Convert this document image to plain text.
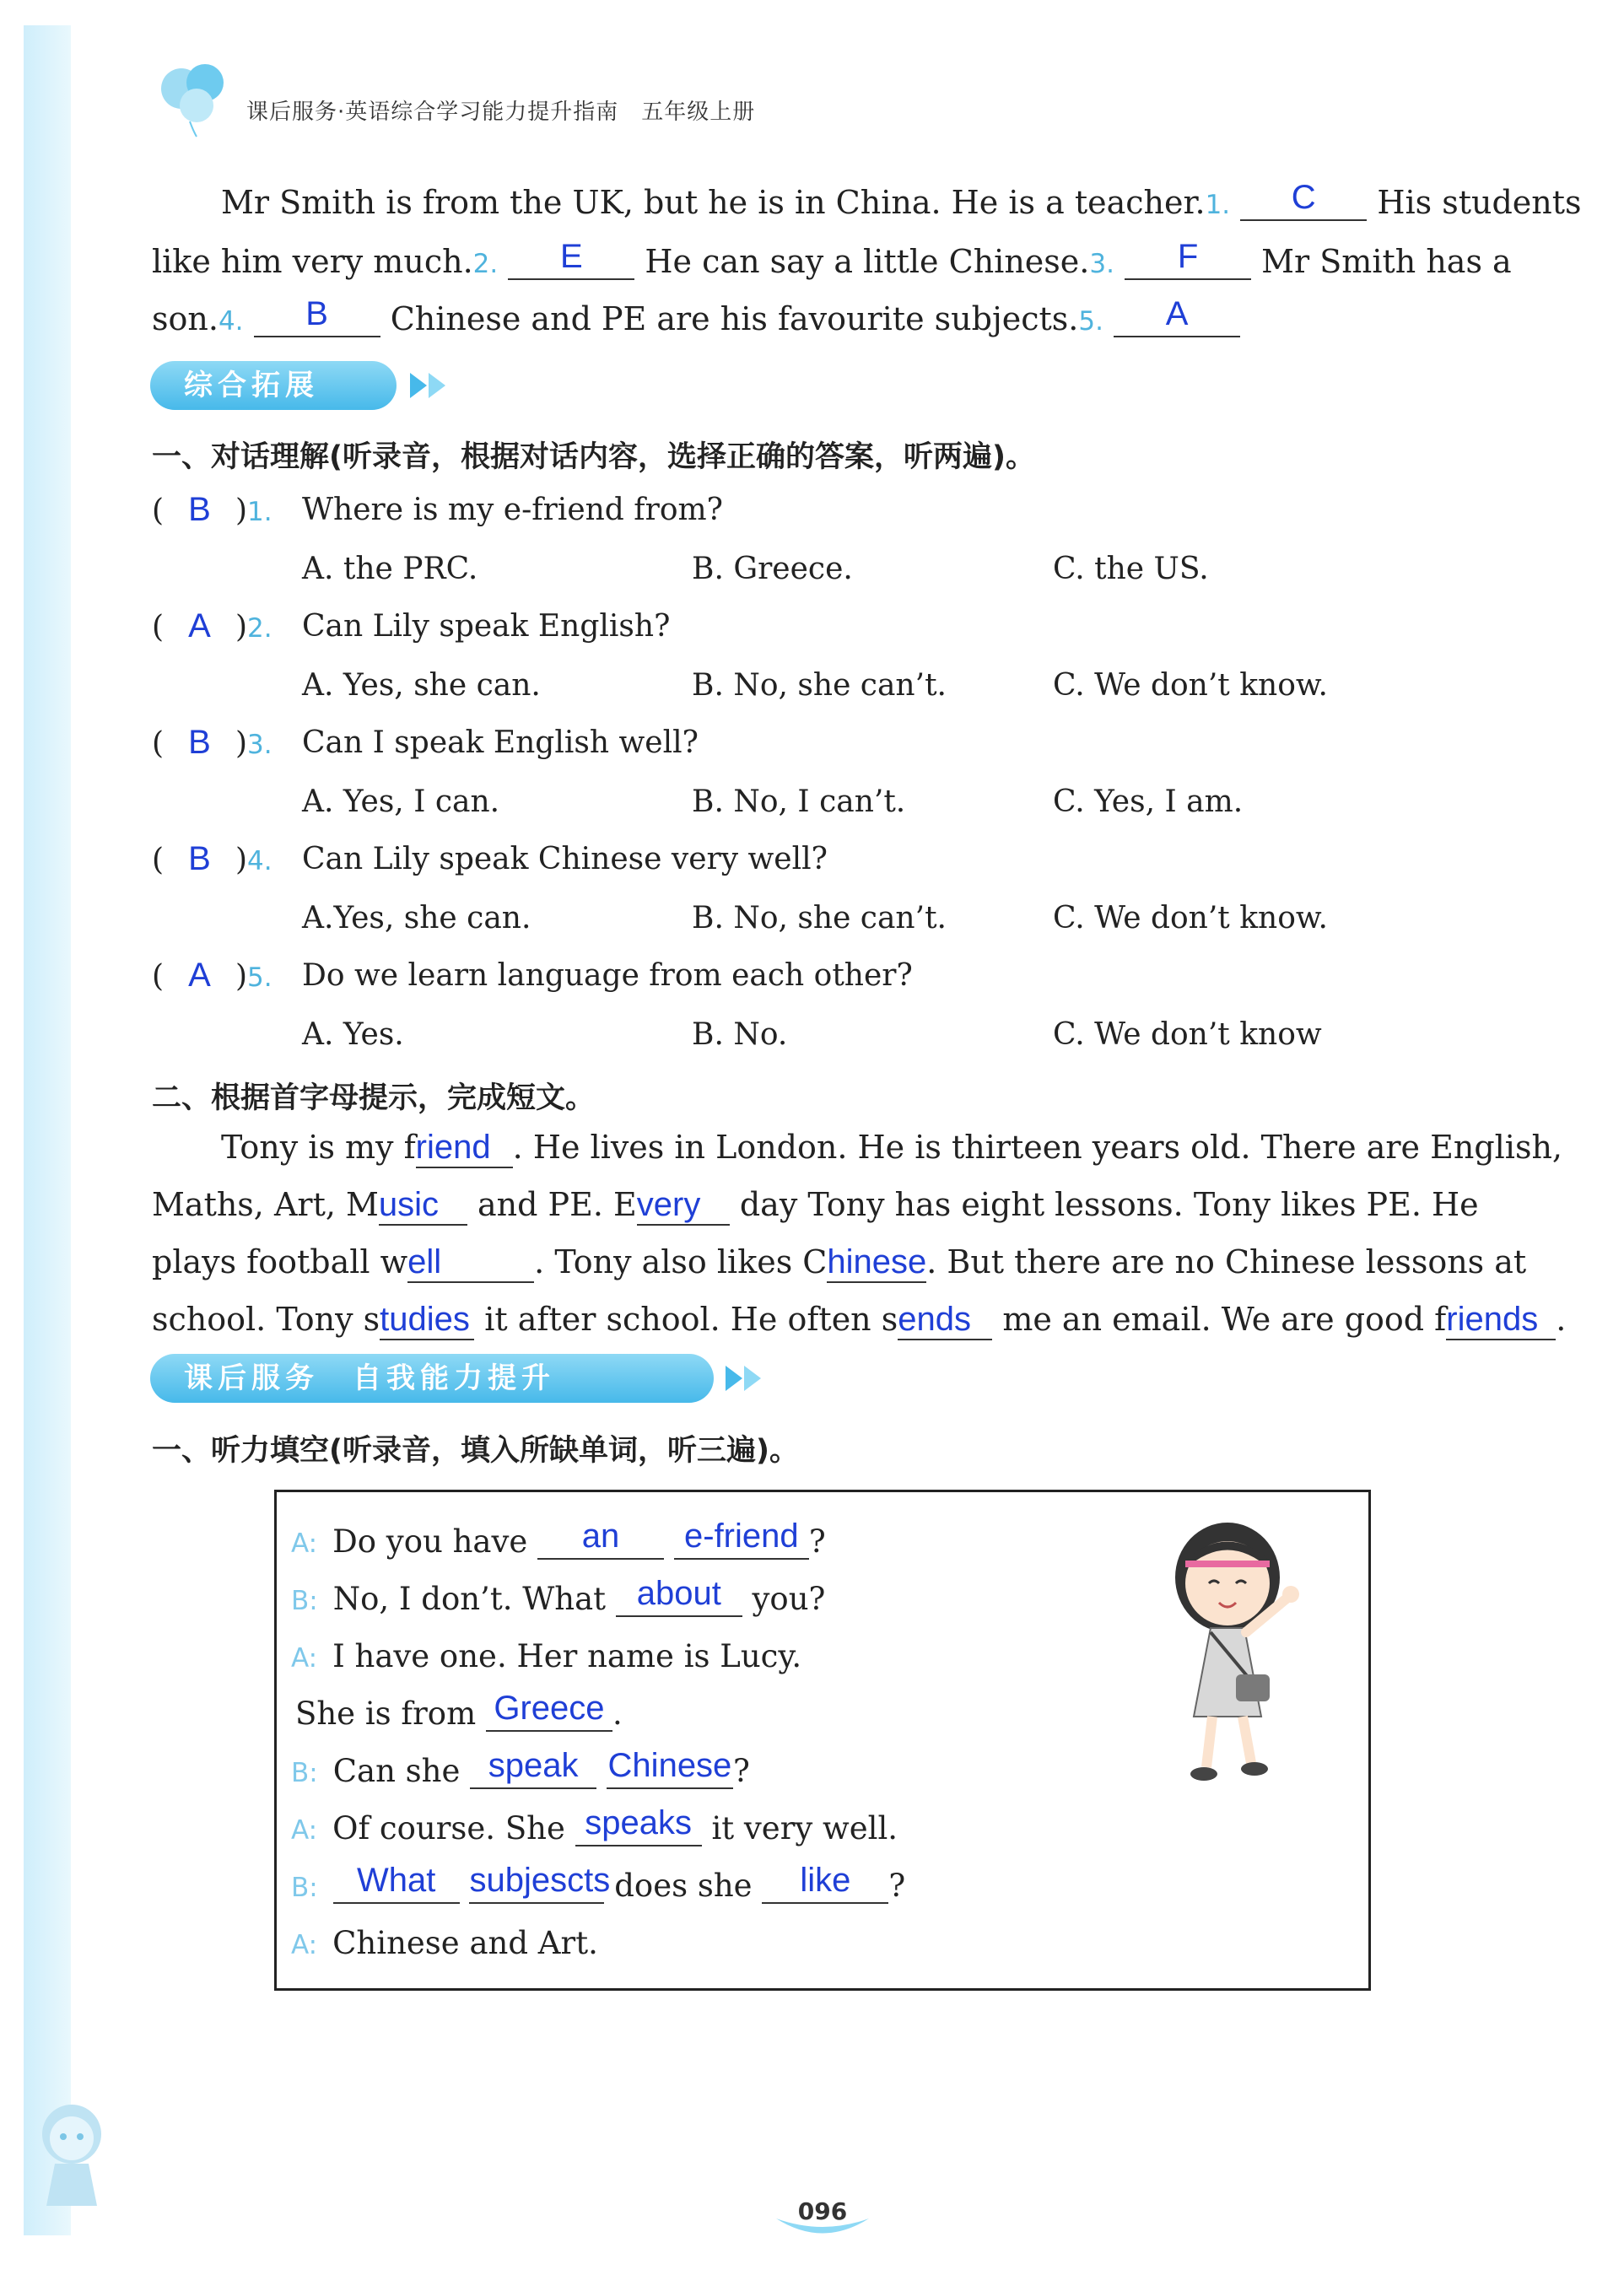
课后服务·英语综合学习能力提升指南　五年级上册
Mr Smith is from the UK, but he is in China. He is a teacher.1. C His students
like him very much.2. E He can say a little Chinese.3. F Mr Smith has a
son.4. B Chinese and PE are his favourite subjects.5. A
综合拓展
一、对话理解(听录音，根据对话内容，选择正确的答案，听两遍)。
( B )1. Where is my e-friend from?
A. the PRC.	B. Greece.	C. the US.
( A )2. Can Lily speak English?
A. Yes, she can.	B. No, she can’t.	C. We don’t know.
( B )3. Can I speak English well?
A. Yes, I can.	B. No, I can’t.	C. Yes, I am.
( B )4. Can Lily speak Chinese very well?
A.Yes, she can.	B. No, she can’t.	C. We don’t know.
( A )5. Do we learn language from each other?
A. Yes.	B. No.	C. We don’t know
二、根据首字母提示，完成短文。
Tony is my friend . He lives in London. He is thirteen years old. There are English,
Maths, Art, Music and PE. Every day Tony has eight lessons. Tony likes PE. He
plays football well	. Tony also likes Chinese. But there are no Chinese lessons at
school. Tony studies it after school. He often sends me an email. We are good friends .
课后服务　自我能力提升
一、听力填空(听录音，填入所缺单词，听三遍)。
A: Do you have an e-friend ?
B: No, I don’t. What about you?
A: I have one. Her name is Lucy.
She is from Greece .
B: Can she speak Chinese?
A: Of course. She speaks it very well.
B: What subjescts does she like ?
A: Chinese and Art.
096
